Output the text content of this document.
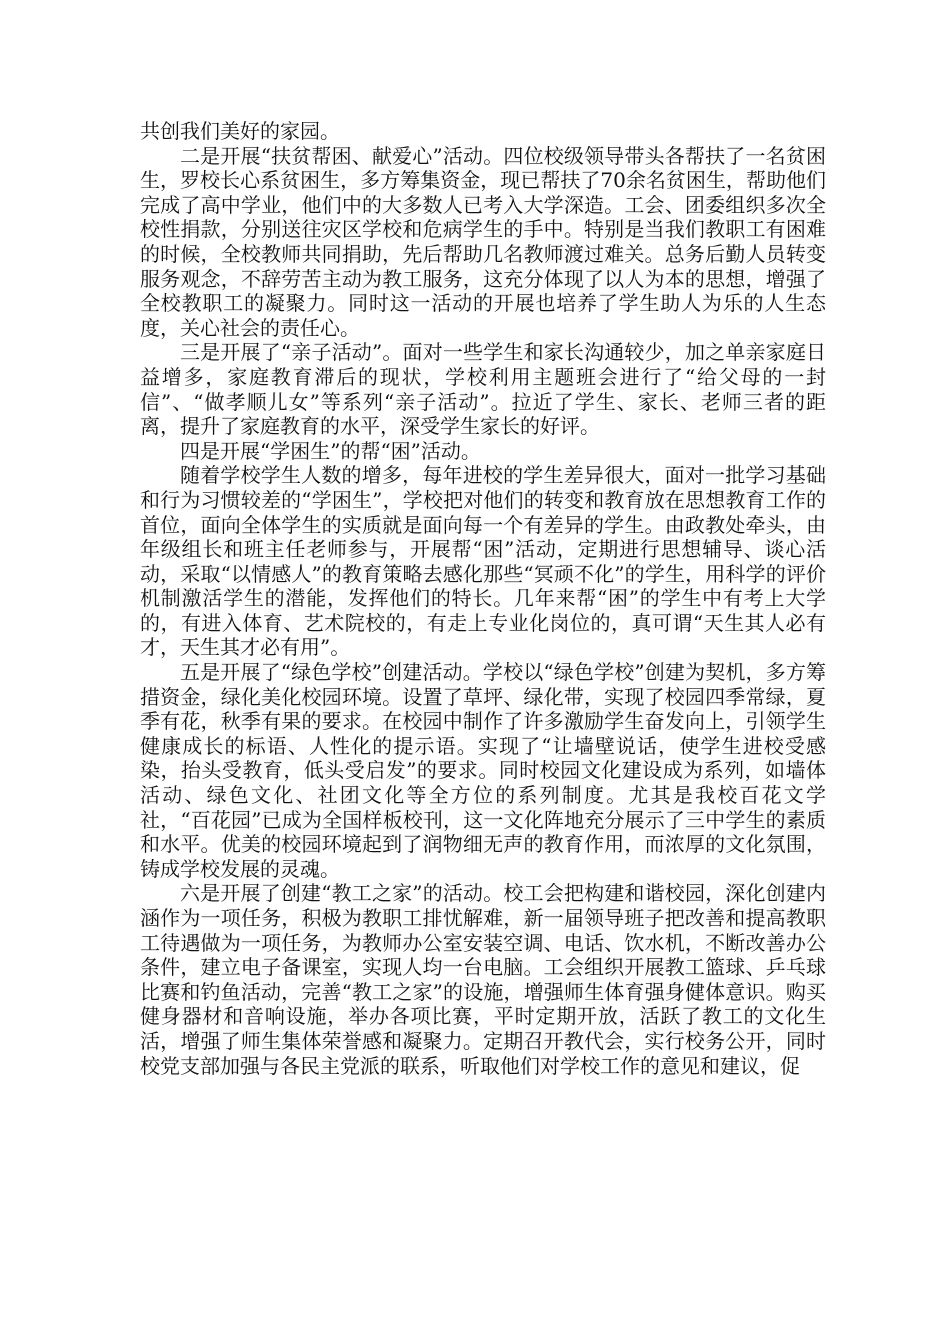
共创我们美好的家园。

二是开展“扶贫帮困、献爱心”活动。四位校级领导带头各帮扶了一名贫困生，罗校长心系贫困生，多方筹集资金，现已帮扶了70余名贫困生，帮助他们完成了高中学业，他们中的大多数人已考入大学深造。工会、团委组织多次全校性捐款，分别送往灾区学校和危病学生的手中。特别是当我们教职工有困难的时候，全校教师共同捐助，先后帮助几名教师渡过难关。总务后勤人员转变服务观念，不辞劳苦主动为教工服务，这充分体现了以人为本的思想，增强了全校教职工的凝聚力。同时这一活动的开展也培养了学生助人为乐的人生态度，关心社会的责任心。

三是开展了“亲子活动”。面对一些学生和家长沟通较少，加之单亲家庭日益增多，家庭教育滞后的现状，学校利用主题班会进行了“给父母的一封信”、“做孝顺儿女”等系列“亲子活动”。拉近了学生、家长、老师三者的距离，提升了家庭教育的水平，深受学生家长的好评。

四是开展“学困生”的帮“困”活动。

随着学校学生人数的增多，每年进校的学生差异很大，面对一批学习基础和行为习惯较差的“学困生”，学校把对他们的转变和教育放在思想教育工作的首位，面向全体学生的实质就是面向每一个有差异的学生。由政教处牵头，由年级组长和班主任老师参与，开展帮“困”活动，定期进行思想辅导、谈心活动，采取“以情感人”的教育策略去感化那些“冥顽不化”的学生，用科学的评价机制激活学生的潜能，发挥他们的特长。几年来帮“困”的学生中有考上大学的，有进入体育、艺术院校的，有走上专业化岗位的，真可谓“天生其人必有才，天生其才必有用”。

五是开展了“绿色学校”创建活动。学校以“绿色学校”创建为契机，多方筹措资金，绿化美化校园环境。设置了草坪、绿化带，实现了校园四季常绿，夏季有花，秋季有果的要求。在校园中制作了许多激励学生奋发向上，引领学生健康成长的标语、人性化的提示语。实现了“让墙壁说话，使学生进校受感染，抬头受教育，低头受启发”的要求。同时校园文化建设成为系列，如墙体活动、绿色文化、社团文化等全方位的系列制度。尤其是我校百花文学社，“百花园”已成为全国样板校刊，这一文化阵地充分展示了三中学生的素质和水平。优美的校园环境起到了润物细无声的教育作用，而浓厚的文化氛围，铸成学校发展的灵魂。

六是开展了创建“教工之家”的活动。校工会把构建和谐校园，深化创建内涵作为一项任务，积极为教职工排忧解难，新一届领导班子把改善和提高教职工待遇做为一项任务，为教师办公室安装空调、电话、饮水机，不断改善办公条件，建立电子备课室，实现人均一台电脑。工会组织开展教工篮球、乒乓球比赛和钓鱼活动，完善“教工之家”的设施，增强师生体育强身健体意识。购买健身器材和音响设施，举办各项比赛，平时定期开放，活跃了教工的文化生活，增强了师生集体荣誉感和凝聚力。定期召开教代会，实行校务公开，同时校党支部加强与各民主党派的联系，听取他们对学校工作的意见和建议，促
